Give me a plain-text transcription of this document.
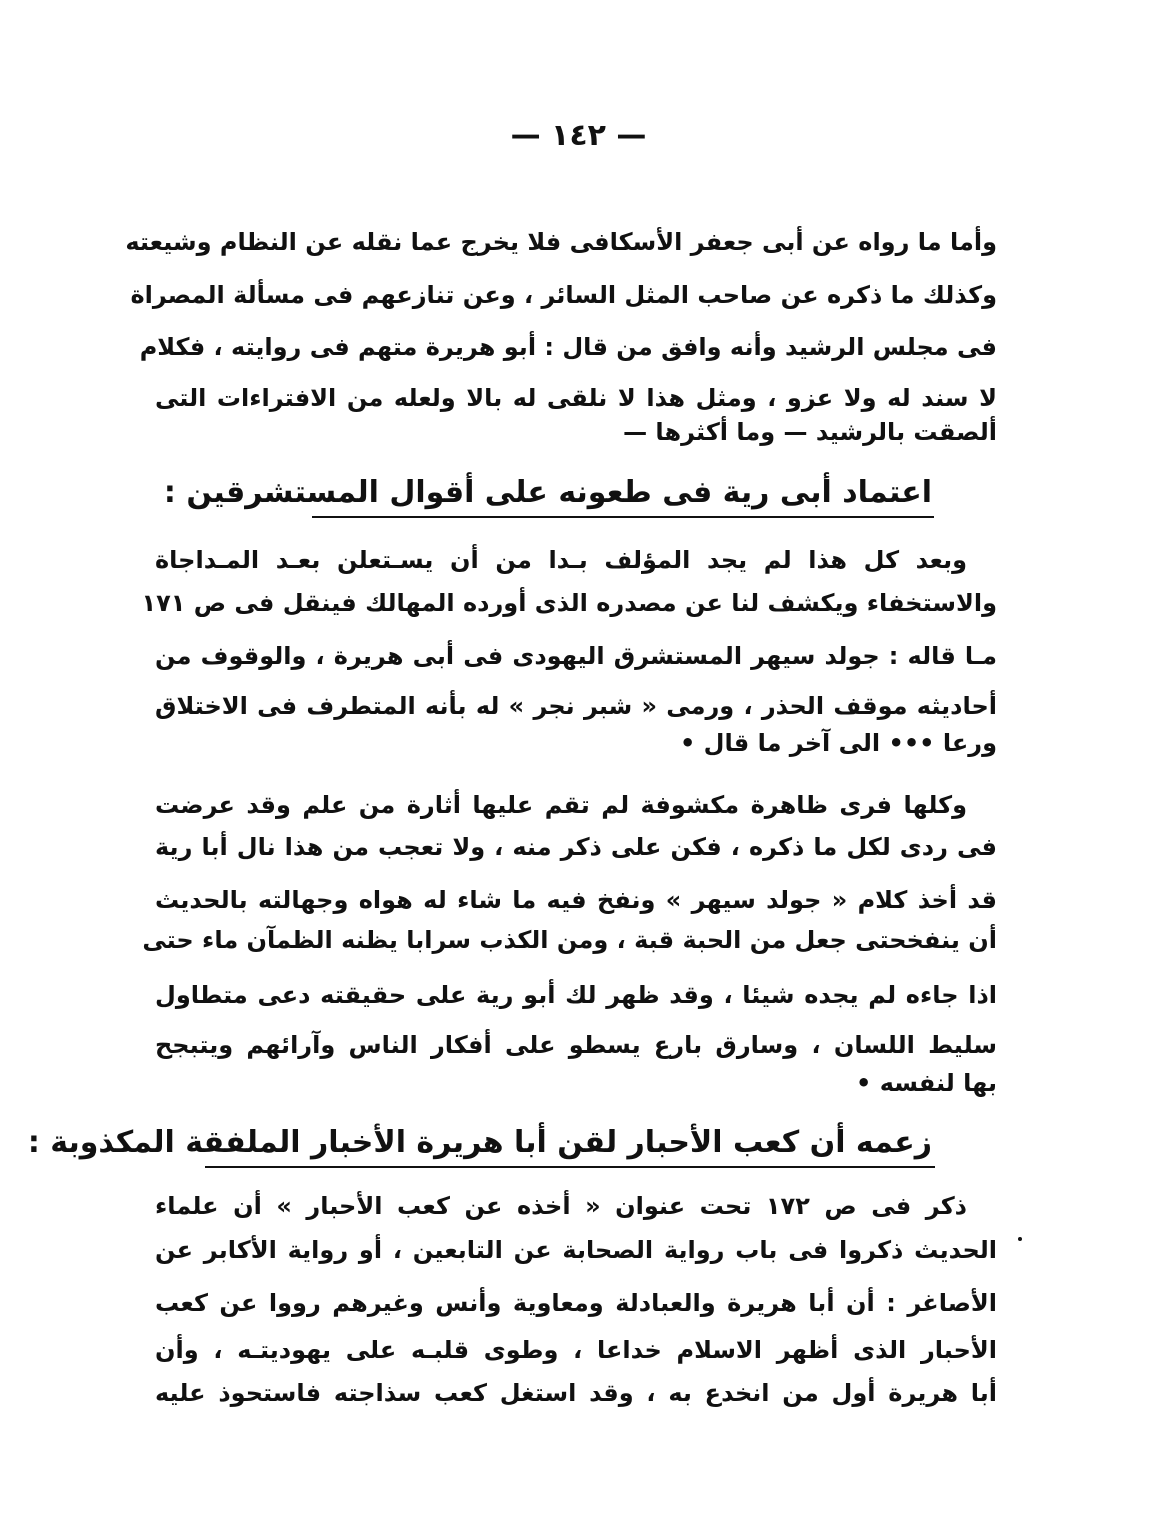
— ١٤٢ —
وأما ما رواه عن أبى جعفر الأسكافى فلا يخرج عما نقله عن النظام وشيعته
وكذلك ما ذكره عن صاحب المثل السائر ، وعن تنازعهم فى مسألة المصراة
فى مجلس الرشيد وأنه وافق من قال : أبو هريرة متهم فى روايته ، فكلام
لا سند له ولا عزو ، ومثل هذا لا نلقى له بالا ولعله من الافتراءات التى
ألصقت بالرشيد — وما أكثرها —
اعتماد أبى رية فى طعونه على أقوال المستشرقين :
وبعد كل هذا لم يجد المؤلف بـدا من أن يسـتعلن بعـد المـداجاة
والاستخفاء ويكشف لنا عن مصدره الذى أورده المهالك فينقل فى ص ١٧١
مـا قاله : جولد سيهر المستشرق اليهودى فى أبى هريرة ، والوقوف من
أحاديثه موقف الحذر ، ورمى « شبر نجر » له بأنه المتطرف فى الاختلاق
ورعا ••• الى آخر ما قال •
وكلها فرى ظاهرة مكشوفة لم تقم عليها أثارة من علم وقد عرضت
فى ردى لكل ما ذكره ، فكن على ذكر منه ، ولا تعجب من هذا نال أبا رية
قد أخذ كلام « جولد سيهر » ونفخ فيه ما شاء له هواه وجهالته بالحديث
أن ينفخحتى جعل من الحبة قبة ، ومن الكذب سرابا يظنه الظمآن ماء حتى
اذا جاءه لم يجده شيئا ، وقد ظهر لك أبو رية على حقيقته دعى متطاول
سليط اللسان ، وسارق بارع يسطو على أفكار الناس وآرائهم ويتبجح
بها لنفسه •
زعمه أن كعب الأحبار لقن أبا هريرة الأخبار الملفقة المكذوبة :
ذكر فى ص ١٧٢ تحت عنوان « أخذه عن كعب الأحبار » أن علماء
الحديث ذكروا فى باب رواية الصحابة عن التابعين ، أو رواية الأكابر عن
الأصاغر : أن أبا هريرة والعبادلة ومعاوية وأنس وغيرهم رووا عن كعب
الأحبار الذى أظهر الاسلام خداعا ، وطوى قلبـه على يهوديتـه ، وأن
أبا هريرة أول من انخدع به ، وقد استغل كعب سذاجته فاستحوذ عليه
